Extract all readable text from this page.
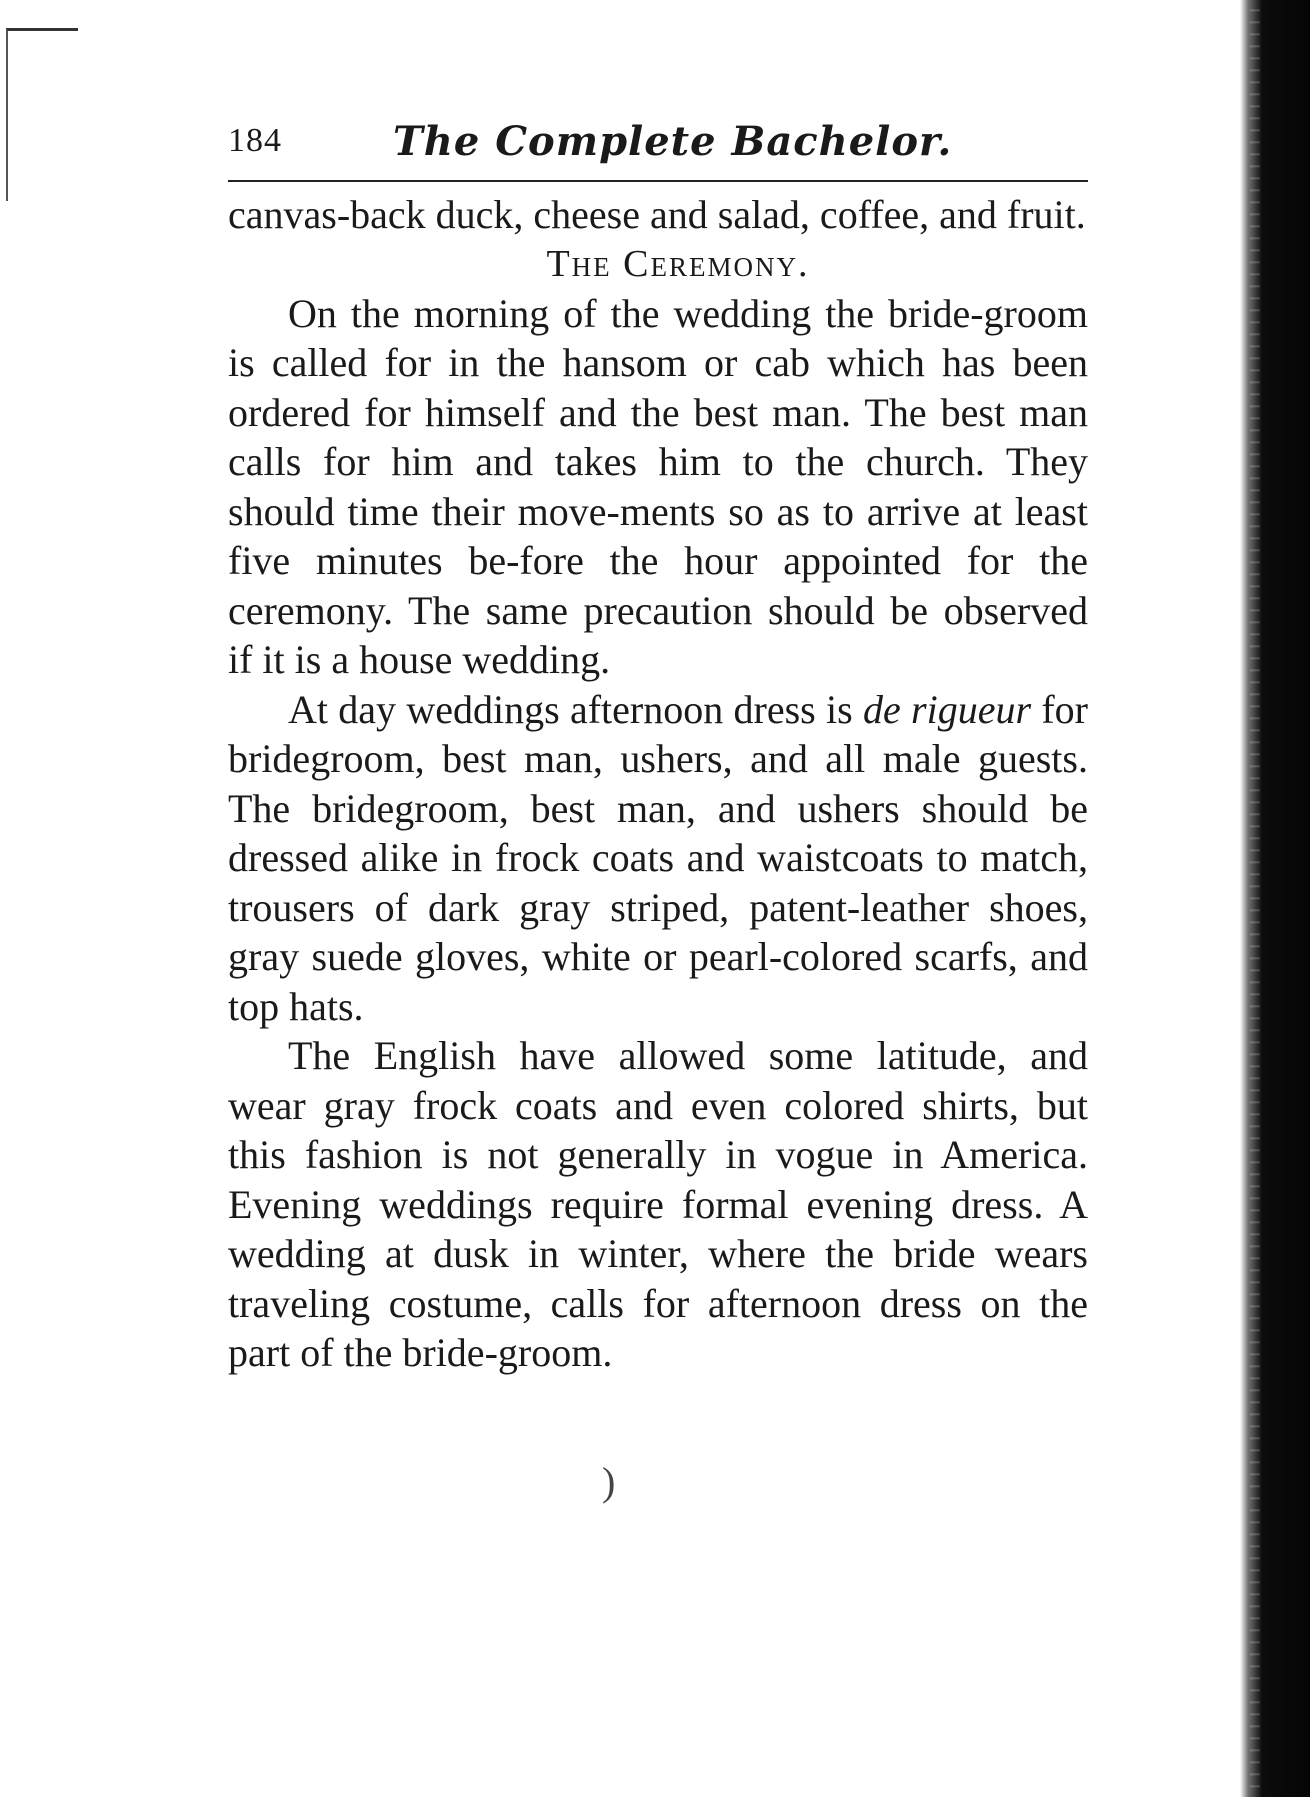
184	The Complete Bachelor.

canvas-back duck, cheese and salad, coffee, and fruit.

The Ceremony.

On the morning of the wedding the bride-groom is called for in the hansom or cab which has been ordered for himself and the best man. The best man calls for him and takes him to the church. They should time their move-ments so as to arrive at least five minutes be-fore the hour appointed for the ceremony. The same precaution should be observed if it is a house wedding.

At day weddings afternoon dress is de rigueur for bridegroom, best man, ushers, and all male guests. The bridegroom, best man, and ushers should be dressed alike in frock coats and waistcoats to match, trousers of dark gray striped, patent-leather shoes, gray suede gloves, white or pearl-colored scarfs, and top hats.

The English have allowed some latitude, and wear gray frock coats and even colored shirts, but this fashion is not generally in vogue in America. Evening weddings require formal evening dress. A wedding at dusk in winter, where the bride wears traveling costume, calls for afternoon dress on the part of the bride-groom.

)
